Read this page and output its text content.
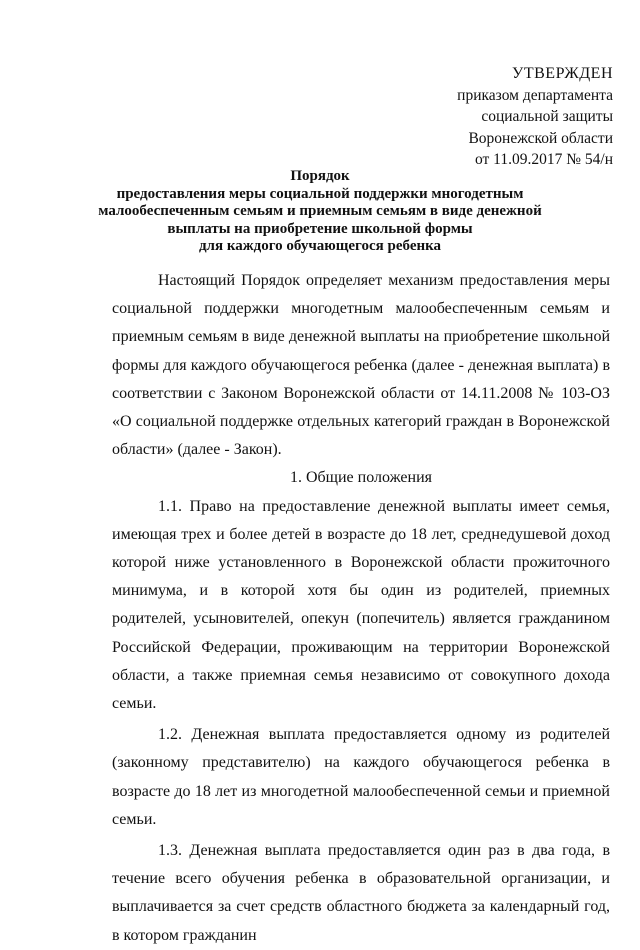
УТВЕРЖДЕН
приказом департамента
социальной защиты
Воронежской области
от 11.09.2017 № 54/н
Порядок
предоставления меры социальной поддержки многодетным
малообеспеченным семьям и приемным семьям в виде денежной
выплаты на приобретение школьной формы
для каждого обучающегося ребенка

Настоящий Порядок определяет механизм предоставления меры социальной поддержки многодетным малообеспеченным семьям и приемным семьям в виде денежной выплаты на приобретение школьной формы для каждого обучающегося ребенка (далее - денежная выплата) в соответствии с Законом Воронежской области от 14.11.2008 № 103-ОЗ «О социальной поддержке отдельных категорий граждан в Воронежской области» (далее - Закон).

1. Общие положения

1.1. Право на предоставление денежной выплаты имеет семья, имеющая трех и более детей в возрасте до 18 лет, среднедушевой доход которой ниже установленного в Воронежской области прожиточного минимума, и в которой хотя бы один из родителей, приемных родителей, усыновителей, опекун (попечитель) является гражданином Российской Федерации, проживающим на территории Воронежской области, а также приемная семья независимо от совокупного дохода семьи.

1.2. Денежная выплата предоставляется одному из родителей (законному представителю) на каждого обучающегося ребенка в возрасте до 18 лет из многодетной малообеспеченной семьи и приемной семьи.

1.3. Денежная выплата предоставляется один раз в два года, в течение всего обучения ребенка в образовательной организации, и выплачивается за счет средств областного бюджета за календарный год, в котором гражданин
